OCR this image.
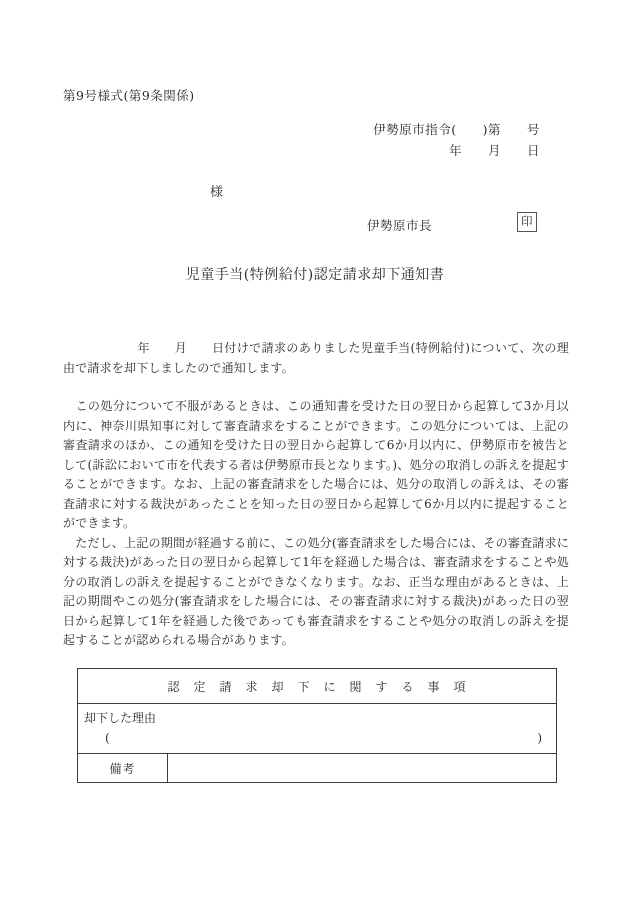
第9号様式(第9条関係)
伊勢原市指令(　　)第　　号
年　　月　　日
様
伊勢原市長	印
児童手当(特例給付)認定請求却下通知書

　　　　　　年　　月　　日付けで請求のありました児童手当(特例給付)について、次の理由で請求を却下しましたので通知します。

　この処分について不服があるときは、この通知書を受けた日の翌日から起算して3か月以内に、神奈川県知事に対して審査請求をすることができます。この処分については、上記の審査請求のほか、この通知を受けた日の翌日から起算して6か月以内に、伊勢原市を被告として(訴訟において市を代表する者は伊勢原市長となります。)、処分の取消しの訴えを提起することができます。なお、上記の審査請求をした場合には、処分の取消しの訴えは、その審査請求に対する裁決があったことを知った日の翌日から起算して6か月以内に提起することができます。

　ただし、上記の期間が経過する前に、この処分(審査請求をした場合には、その審査請求に対する裁決)があった日の翌日から起算して1年を経過した場合は、審査請求をすることや処分の取消しの訴えを提起することができなくなります。なお、正当な理由があるときは、上記の期間やこの処分(審査請求をした場合には、その審査請求に対する裁決)があった日の翌日から起算して1年を経過した後であっても審査請求をすることや処分の取消しの訴えを提起することが認められる場合があります。

認　定　請　求　却　下　に　関　す　る　事　項
却下した理由
(	)
備考
